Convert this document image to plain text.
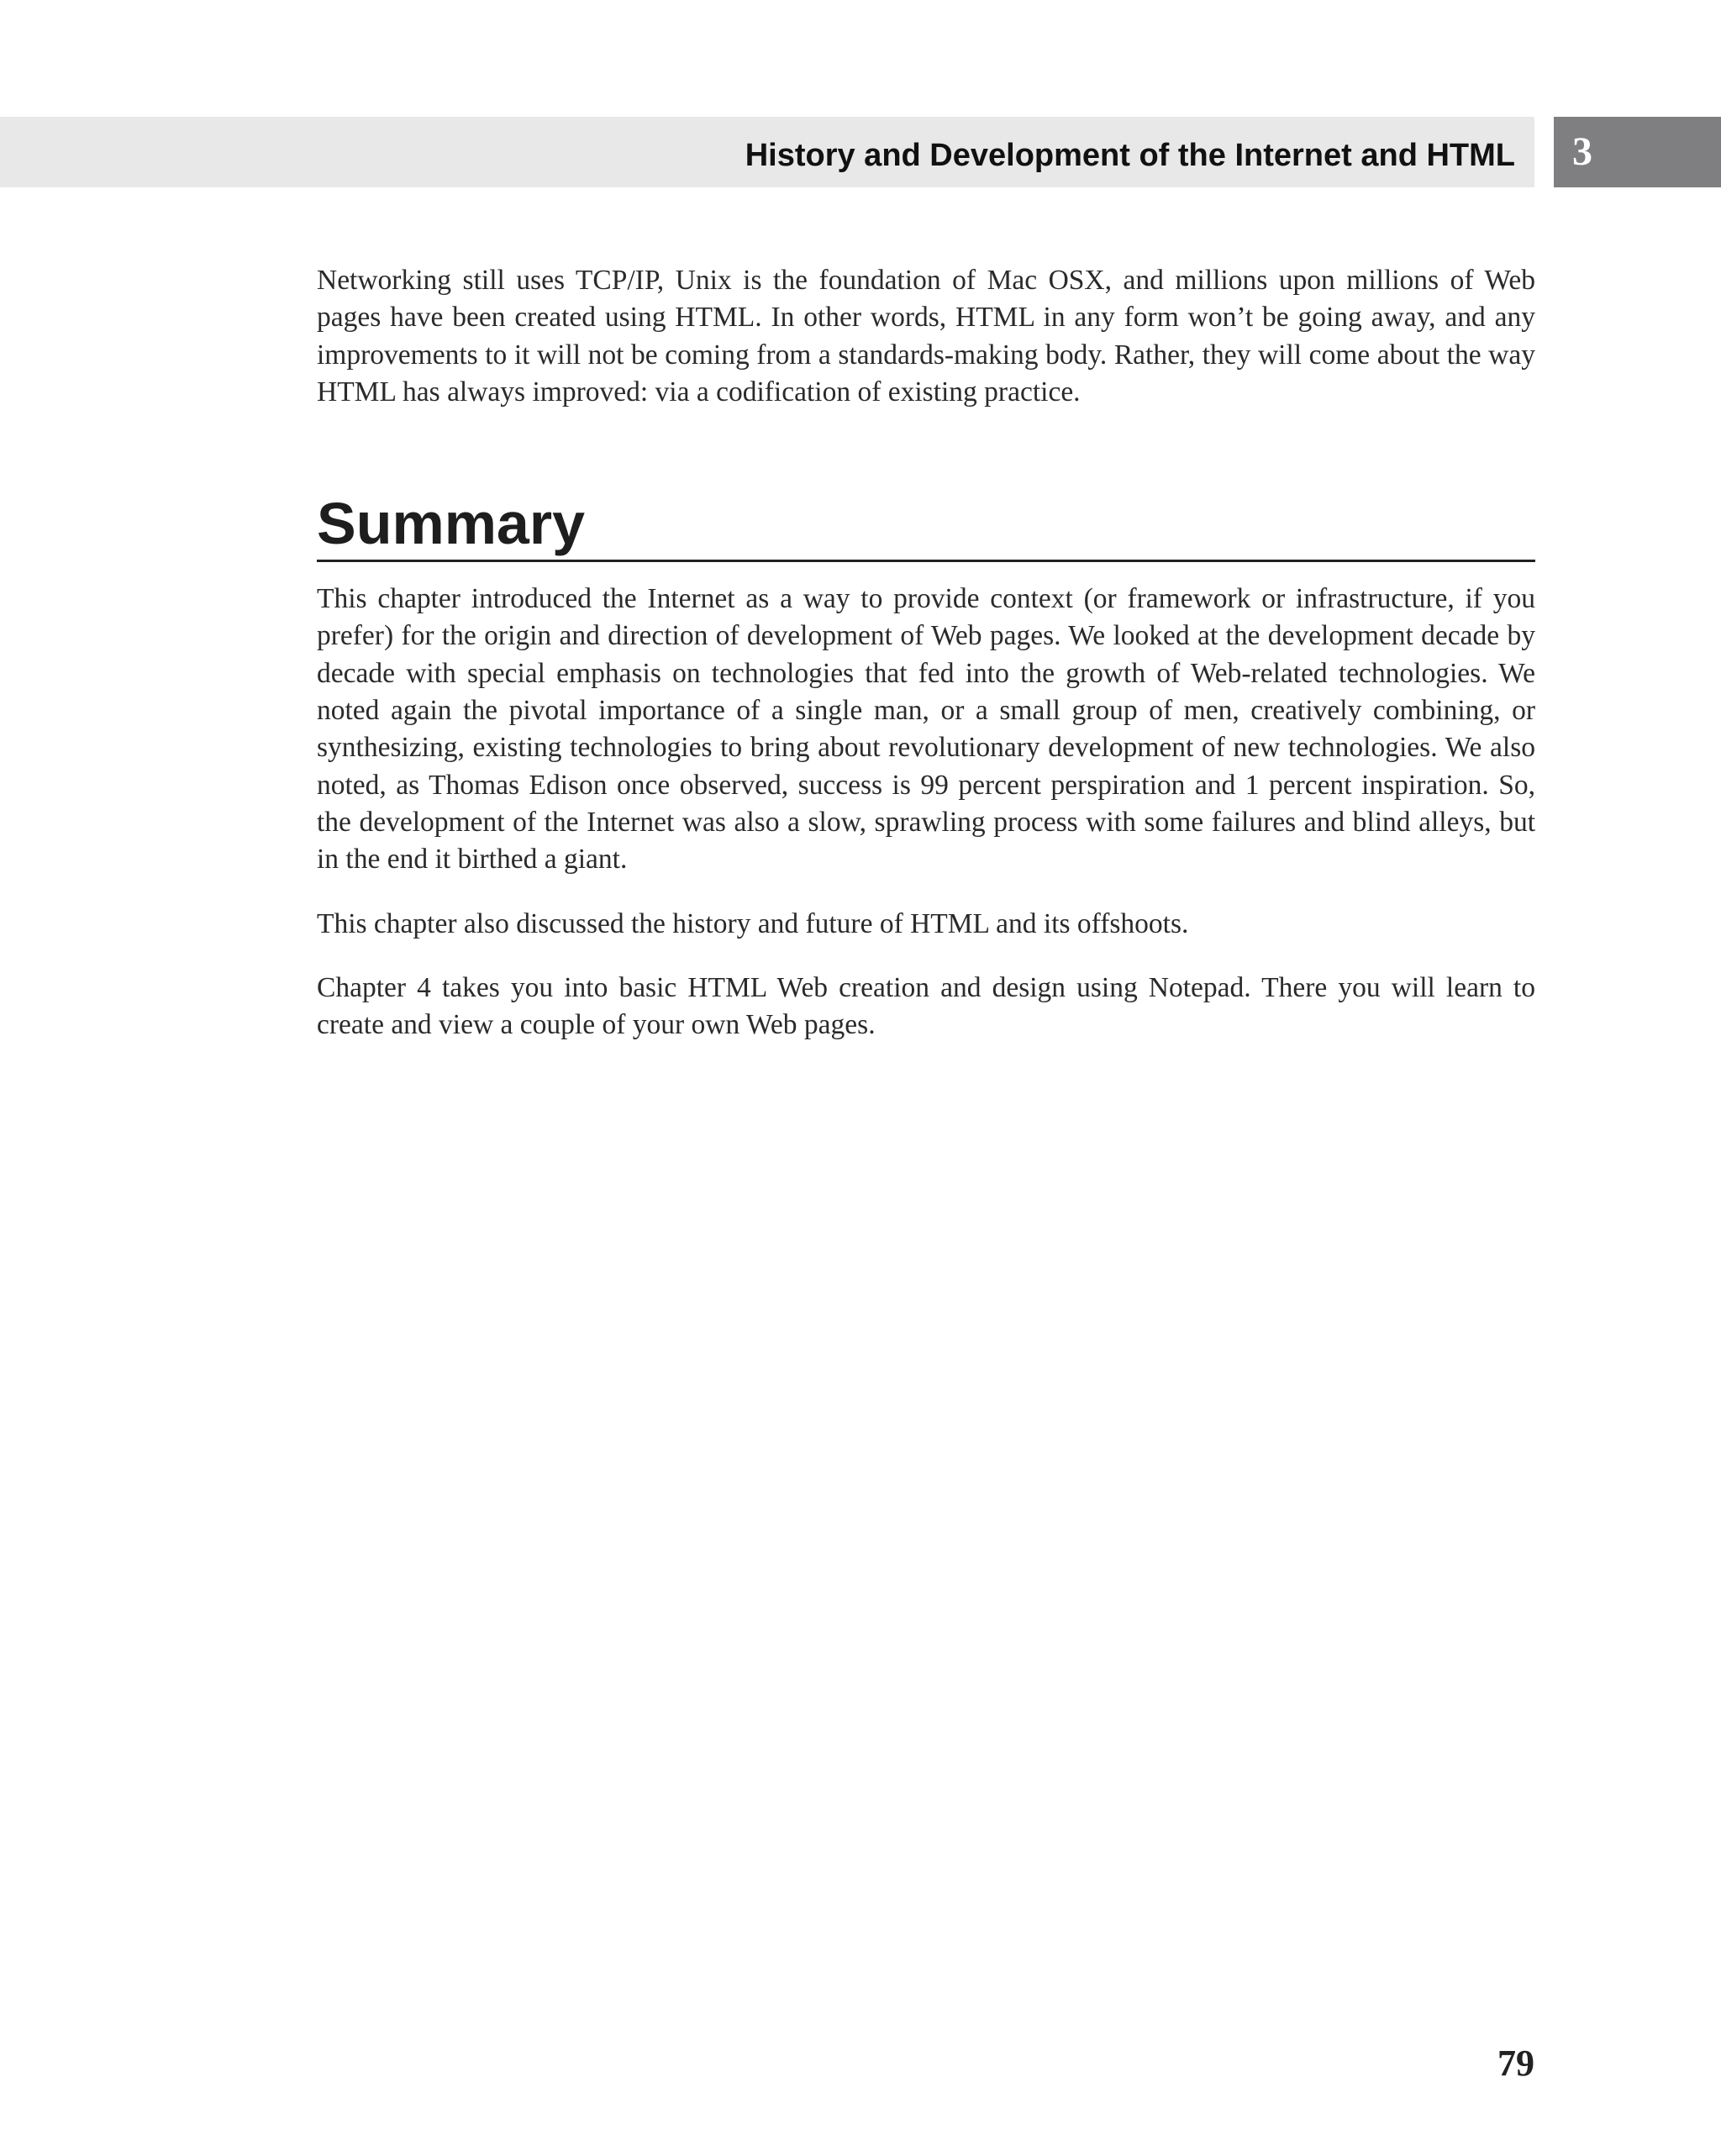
History and Development of the Internet and HTML 3

Networking still uses TCP/IP, Unix is the foundation of Mac OSX, and millions upon millions of Web pages have been created using HTML. In other words, HTML in any form won’t be going away, and any improvements to it will not be coming from a standards-making body. Rather, they will come about the way HTML has always improved: via a codification of existing practice.

Summary

This chapter introduced the Internet as a way to provide context (or framework or infrastructure, if you prefer) for the origin and direction of development of Web pages. We looked at the development decade by decade with special emphasis on technologies that fed into the growth of Web-related technologies. We noted again the pivotal importance of a single man, or a small group of men, creatively combining, or synthesizing, existing technologies to bring about revolutionary development of new technologies. We also noted, as Thomas Edison once observed, success is 99 percent perspiration and 1 percent inspiration. So, the development of the Internet was also a slow, sprawling process with some failures and blind alleys, but in the end it birthed a giant.

This chapter also discussed the history and future of HTML and its offshoots.

Chapter 4 takes you into basic HTML Web creation and design using Notepad. There you will learn to create and view a couple of your own Web pages.

79
